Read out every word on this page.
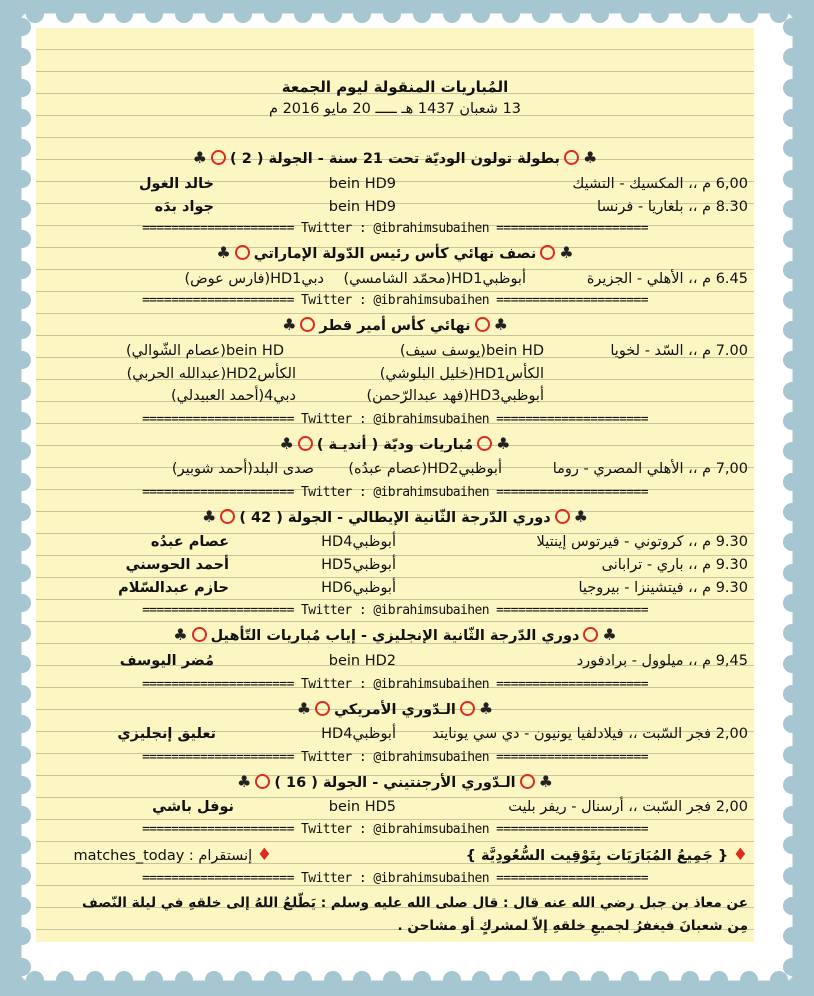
المُباريات المنقولة ليوم الجمعة
13 شعبان 1437 هـ ـــــ 20 مايو 2016 م
♣بطولة تولون الوديّة تحت 21 سنة - الجولة ( 2 )♣
6,00 م ،، المكسيك - التشيك
bein HD9
خالد الغول
8.30 م ،، بلغاريا - فرنسا
bein HD9
جواد بدَه
===================== Twitter : @ibrahimsubaihen =====================
♣نصف نهائي كأس رئيس الدّولة الإماراتي♣
6.45 م ،، الأهلي - الجزيرة
أبوظبيHD1(محمّد الشامسي)
دبيHD1(فارس عوض)
===================== Twitter : @ibrahimsubaihen =====================
♣نهائي كأس أمير قطر♣
7.00 م ،، السّد - لخويا
bein HD(يوسف سيف)
bein HD(عصام الشّوالي)
الكأسHD1(خليل البلوشي)
الكأسHD2(عبدالله الحربي)
أبوظبيHD3(فهد عبدالرّحمن)
دبي4(أحمد العبيدلي)
===================== Twitter : @ibrahimsubaihen =====================
♣مُباريات وديّة ( أنديـة )♣
7,00 م ،، الأهلي المصري - روما
أبوظبيHD2(عصام عبدُه)
صدى البلد(أحمد شوبير)
===================== Twitter : @ibrahimsubaihen =====================
♣دوري الدّرجة الثّانية الإيطالي - الجولة ( 42 )♣
9.30 م ،، كروتوني - فيرتوس إينتيلا
أبوظبيHD4
عصام عبدُه
9.30 م ،، باري - ترابانى
أبوظبيHD5
أحمد الحوسني
9.30 م ،، فيتشينزا - بيروجيا
أبوظبيHD6
حازم عبدالسّلام
===================== Twitter : @ibrahimsubaihen =====================
♣دوري الدّرجة الثّانية الإنجليزي - إياب مُباريات التّأهيل♣
9,45 م ،، ميلوول - برادفورد
bein HD2
مُضر اليوسف
===================== Twitter : @ibrahimsubaihen =====================
♣الـدّوري الأمريكي♣
2,00 فجر السّبت ،، فيلادلفيا يونيون - دي سي يونايتد
أبوظبيHD4
تعليق إنجليزي
===================== Twitter : @ibrahimsubaihen =====================
♣الـدّوري الأرجنتيني - الجولة ( 16 )♣
2,00 فجر السّبت ،، أرسنال - ريفر بليت
bein HD5
نوفل باشي
===================== Twitter : @ibrahimsubaihen =====================
♦ { جَمِيعُ المُبَارَيَات بِتَوْقِيت السُّعُودِيَّة }
♦ إنستقرام : matches_today
===================== Twitter : @ibrahimsubaihen =====================
عن معاذ بن جبل رضي الله عنه قال : قال صلى الله عليه وسلم : يَطّلعُ اللهُ إلى خلقهِ في ليلة النّصف
مِن شعبانَ فيغفرُ لجميعِ خلقهِ إلاّ لمشركٍ أو مشاحن .
